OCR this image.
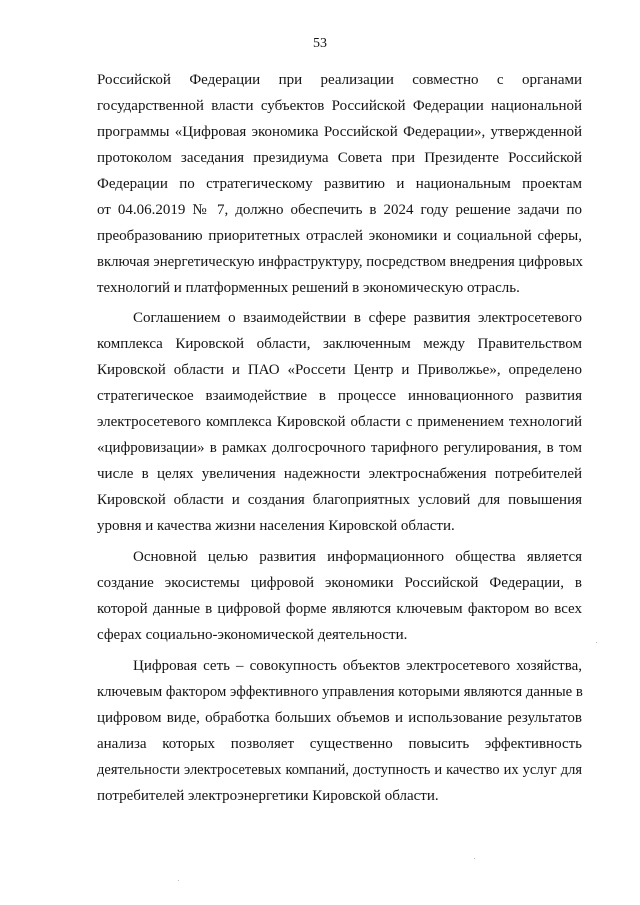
53
Российской Федерации при реализации совместно с органами
государственной власти субъектов Российской Федерации национальной
программы «Цифровая экономика Российской Федерации», утвержденной
протоколом заседания президиума Совета при Президенте Российской
Федерации по стратегическому развитию и национальным проектам
от 04.06.2019 № 7, должно обеспечить в 2024 году решение задачи по
преобразованию приоритетных отраслей экономики и социальной сферы,
включая энергетическую инфраструктуру, посредством внедрения цифровых
технологий и платформенных решений в экономическую отрасль.
Соглашением о взаимодействии в сфере развития электросетевого
комплекса Кировской области, заключенным между Правительством
Кировской области и ПАО «Россети Центр и Приволжье», определено
стратегическое взаимодействие в процессе инновационного развития
электросетевого комплекса Кировской области с применением технологий
«цифровизации» в рамках долгосрочного тарифного регулирования, в том
числе в целях увеличения надежности электроснабжения потребителей
Кировской области и создания благоприятных условий для повышения
уровня и качества жизни населения Кировской области.
Основной целью развития информационного общества является
создание экосистемы цифровой экономики Российской Федерации, в
которой данные в цифровой форме являются ключевым фактором во всех
сферах социально-экономической деятельности.
Цифровая сеть – совокупность объектов электросетевого хозяйства,
ключевым фактором эффективного управления которыми являются данные в
цифровом виде, обработка больших объемов и использование результатов
анализа которых позволяет существенно повысить эффективность
деятельности электросетевых компаний, доступность и качество их услуг для
потребителей электроэнергетики Кировской области.
